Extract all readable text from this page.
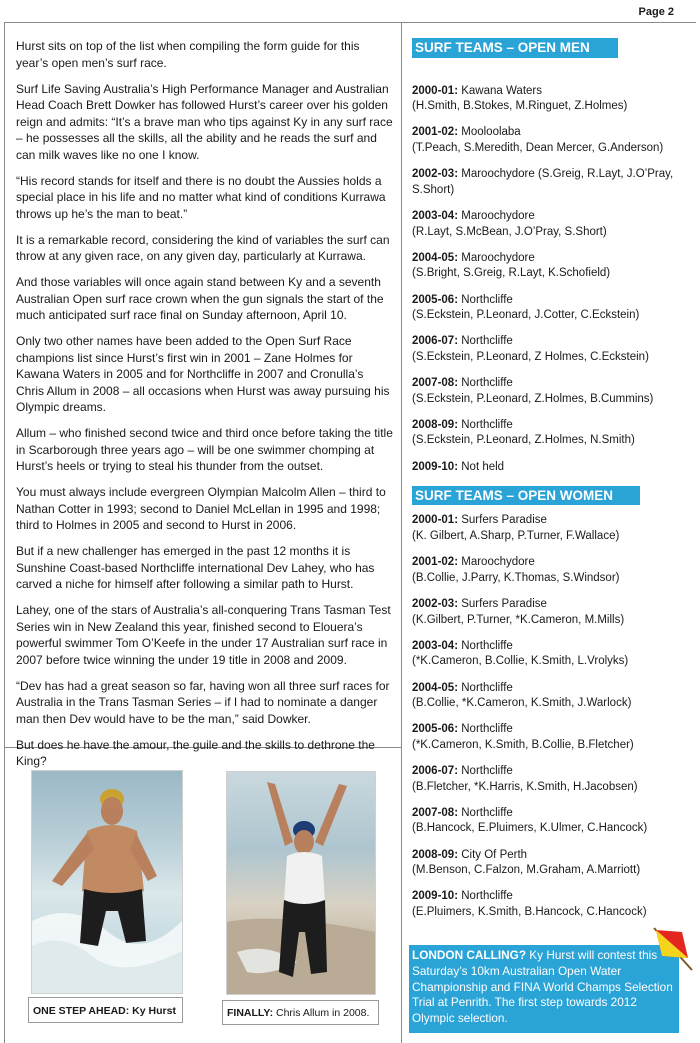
Page 2

Hurst sits on top of the list when compiling the form guide for this year’s open men’s surf race.

Surf Life Saving Australia’s High Performance Manager and Australian Head Coach Brett Dowker has followed Hurst’s career over his golden reign and admits: “It’s a brave man who tips against Ky in any surf race – he possesses all the skills, all the ability and he reads the surf and can milk waves like no one I know.

“His record stands for itself and there is no doubt the Aussies holds a special place in his life and no matter what kind of conditions Kurrawa throws up he’s the man to beat.”

It is a remarkable record, considering the kind of variables the surf can throw at any given race, on any given day, particularly at Kurrawa.

And those variables will once again stand between Ky and a seventh Australian Open surf race crown when the gun signals the start of the much anticipated surf race final on Sunday afternoon, April 10.

Only two other names have been added to the Open Surf Race champions list since Hurst’s first win in 2001 – Zane Holmes for Kawana Waters in 2005 and for Northcliffe in 2007 and Cronulla’s Chris Allum in 2008 – all occasions when Hurst was away pursuing his Olympic dreams.

Allum – who finished second twice and third once before taking the title in Scarborough three years ago – will be one swimmer chomping at Hurst’s heels or trying to steal his thunder from the outset.

You must always include evergreen Olympian Malcolm Allen – third to Nathan Cotter in 1993; second to Daniel McLellan in 1995 and 1998; third to Holmes in 2005 and second to Hurst in 2006.

But if a new challenger has emerged in the past 12 months it is Sunshine Coast-based Northcliffe international Dev Lahey, who has carved a niche for himself after following a similar path to Hurst.

Lahey, one of the stars of Australia’s all-conquering Trans Tasman Test Series win in New Zealand this year, finished second to Elouera’s powerful swimmer Tom O’Keefe in the under 17 Australian surf race in 2007 before twice winning the under 19 title in 2008 and 2009.

“Dev has had a great season so far, having won all three surf races for Australia in the Trans Tasman Series – if I had to nominate a danger man then Dev would have to be the man,” said Dowker.

But does he have the amour, the guile and the skills to dethrone the King?

ONE STEP AHEAD: Ky Hurst	FINALLY: Chris Allum in 2008.
SURF TEAMS – OPEN MEN
2000-01: Kawana Waters
(H.Smith, B.Stokes, M.Ringuet, Z.Holmes)
2001-02: Mooloolaba
(T.Peach, S.Meredith, Dean Mercer, G.Anderson)
2002-03: Maroochydore (S.Greig, R.Layt, J.O’Pray, S.Short)
2003-04: Maroochydore
(R.Layt, S.McBean, J.O’Pray, S.Short)
2004-05: Maroochydore
(S.Bright, S.Greig, R.Layt, K.Schofield)
2005-06: Northcliffe
(S.Eckstein, P.Leonard, J.Cotter, C.Eckstein)
2006-07: Northcliffe
(S.Eckstein, P.Leonard, Z Holmes, C.Eckstein)
2007-08: Northcliffe
(S.Eckstein, P.Leonard, Z.Holmes, B.Cummins)
2008-09: Northcliffe
(S.Eckstein, P.Leonard, Z.Holmes, N.Smith)
2009-10: Not held
SURF TEAMS – OPEN WOMEN
2000-01: Surfers Paradise
(K. Gilbert, A.Sharp, P.Turner, F.Wallace)
2001-02: Maroochydore
(B.Collie, J.Parry, K.Thomas, S.Windsor)
2002-03: Surfers Paradise
(K.Gilbert, P.Turner, *K.Cameron, M.Mills)
2003-04: Northcliffe
(*K.Cameron, B.Collie, K.Smith, L.Vrolyks)
2004-05: Northcliffe
(B.Collie, *K.Cameron, K.Smith, J.Warlock)
2005-06: Northcliffe
(*K.Cameron, K.Smith, B.Collie, B.Fletcher)
2006-07: Northcliffe
(B.Fletcher, *K.Harris, K.Smith, H.Jacobsen)
2007-08: Northcliffe
(B.Hancock, E.Pluimers, K.Ulmer, C.Hancock)
2008-09: City Of Perth
(M.Benson, C.Falzon, M.Graham, A.Marriott)
2009-10: Northcliffe
(E.Pluimers, K.Smith, B.Hancock, C.Hancock)
LONDON CALLING? Ky Hurst will contest this Saturday’s 10km Australian Open Water Championship and FINA World Champs Selection Trial at Penrith. The first step towards 2012 Olympic selection.
